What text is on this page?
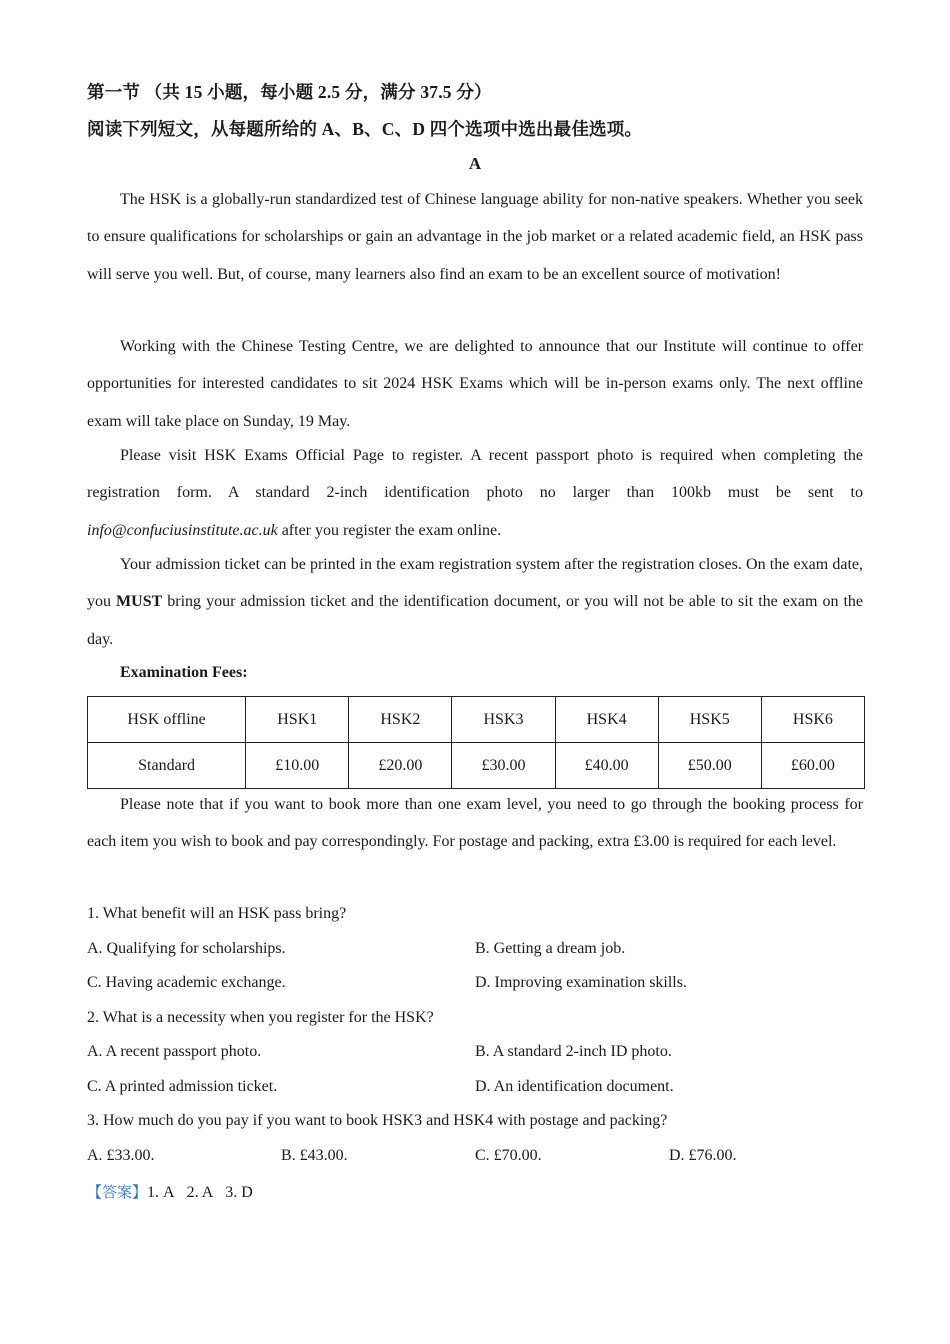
第一节 （共 15 小题，每小题 2.5 分，满分 37.5 分）
阅读下列短文，从每题所给的 A、B、C、D 四个选项中选出最佳选项。
A
The HSK is a globally-run standardized test of Chinese language ability for non-native speakers. Whether you seek to ensure qualifications for scholarships or gain an advantage in the job market or a related academic field, an HSK pass will serve you well. But, of course, many learners also find an exam to be an excellent source of motivation!
Working with the Chinese Testing Centre, we are delighted to announce that our Institute will continue to offer opportunities for interested candidates to sit 2024 HSK Exams which will be in-person exams only. The next offline exam will take place on Sunday, 19 May.
Please visit HSK Exams Official Page to register. A recent passport photo is required when completing the registration form. A standard 2-inch identification photo no larger than 100kb must be sent to info@confuciusinstitute.ac.uk after you register the exam online.
Your admission ticket can be printed in the exam registration system after the registration closes. On the exam date, you MUST bring your admission ticket and the identification document, or you will not be able to sit the exam on the day.
Examination Fees:
HSK offline	HSK1	HSK2	HSK3	HSK4	HSK5	HSK6
Standard	£10.00	£20.00	£30.00	£40.00	£50.00	£60.00
Please note that if you want to book more than one exam level, you need to go through the booking process for each item you wish to book and pay correspondingly. For postage and packing, extra £3.00 is required for each level.
1. What benefit will an HSK pass bring?
A. Qualifying for scholarships.	B. Getting a dream job.
C. Having academic exchange.	D. Improving examination skills.
2. What is a necessity when you register for the HSK?
A. A recent passport photo.	B. A standard 2-inch ID photo.
C. A printed admission ticket.	D. An identification document.
3. How much do you pay if you want to book HSK3 and HSK4 with postage and packing?
A. £33.00.	B. £43.00.	C. £70.00.	D. £76.00.
【答案】1. A 2. A 3. D
